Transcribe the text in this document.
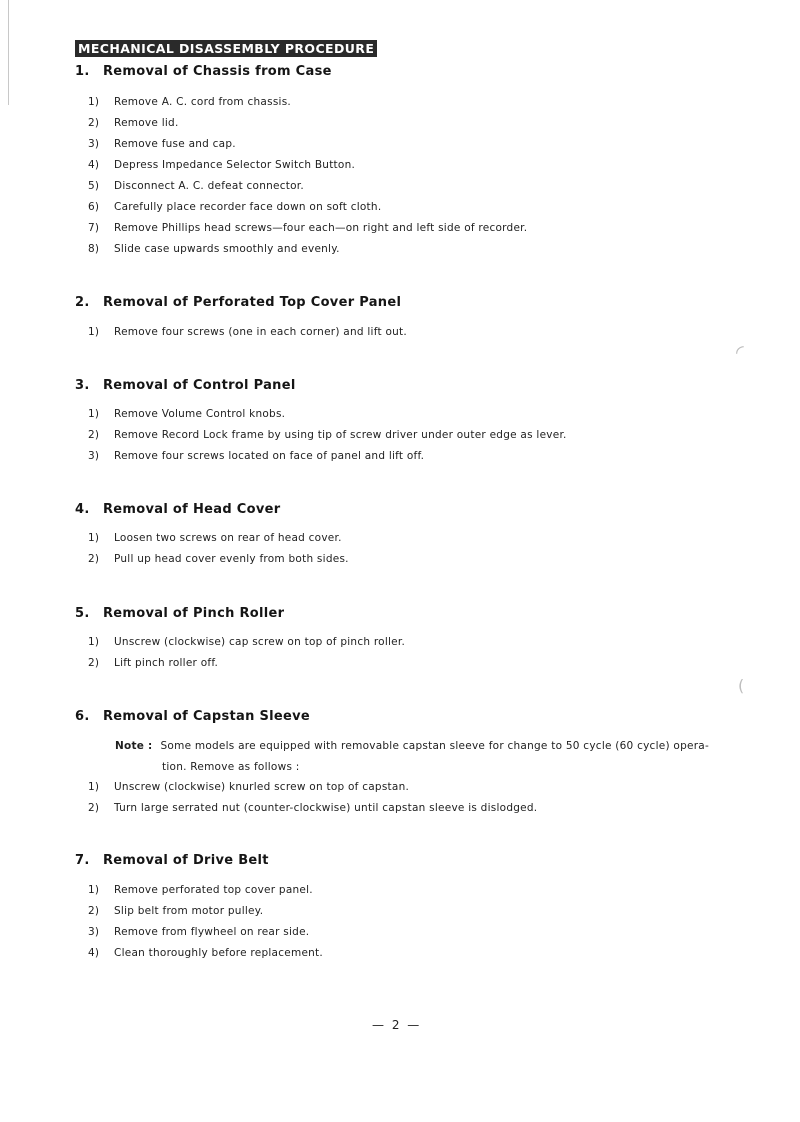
MECHANICAL DISASSEMBLY PROCEDURE
1. Removal of Chassis from Case
1) Remove A. C. cord from chassis.
2) Remove lid.
3) Remove fuse and cap.
4) Depress Impedance Selector Switch Button.
5) Disconnect A. C. defeat connector.
6) Carefully place recorder face down on soft cloth.
7) Remove Phillips head screws—four each—on right and left side of recorder.
8) Slide case upwards smoothly and evenly.
2. Removal of Perforated Top Cover Panel
1) Remove four screws (one in each corner) and lift out.
3. Removal of Control Panel
1) Remove Volume Control knobs.
2) Remove Record Lock frame by using tip of screw driver under outer edge as lever.
3) Remove four screws located on face of panel and lift off.
4. Removal of Head Cover
1) Loosen two screws on rear of head cover.
2) Pull up head cover evenly from both sides.
5. Removal of Pinch Roller
1) Unscrew (clockwise) cap screw on top of pinch roller.
2) Lift pinch roller off.
6. Removal of Capstan Sleeve
Note : Some models are equipped with removable capstan sleeve for change to 50 cycle (60 cycle) opera-
tion. Remove as follows :
1) Unscrew (clockwise) knurled screw on top of capstan.
2) Turn large serrated nut (counter-clockwise) until capstan sleeve is dislodged.
7. Removal of Drive Belt
1) Remove perforated top cover panel.
2) Slip belt from motor pulley.
3) Remove from flywheel on rear side.
4) Clean thoroughly before replacement.
— 2 —
◜
(
